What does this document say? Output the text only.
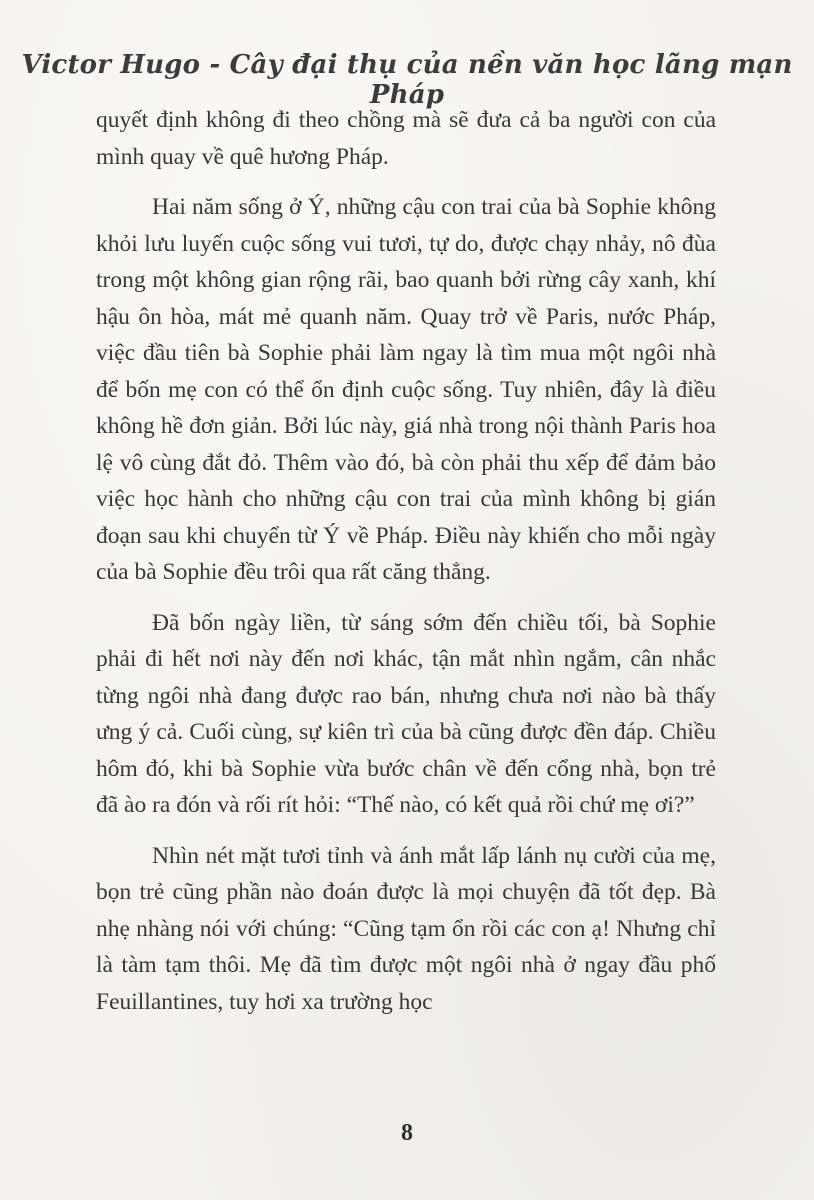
Victor Hugo - Cây đại thụ của nền văn học lãng mạn Pháp

quyết định không đi theo chồng mà sẽ đưa cả ba người con của mình quay về quê hương Pháp.

Hai năm sống ở Ý, những cậu con trai của bà Sophie không khỏi lưu luyến cuộc sống vui tươi, tự do, được chạy nhảy, nô đùa trong một không gian rộng rãi, bao quanh bởi rừng cây xanh, khí hậu ôn hòa, mát mẻ quanh năm. Quay trở về Paris, nước Pháp, việc đầu tiên bà Sophie phải làm ngay là tìm mua một ngôi nhà để bốn mẹ con có thể ổn định cuộc sống. Tuy nhiên, đây là điều không hề đơn giản. Bởi lúc này, giá nhà trong nội thành Paris hoa lệ vô cùng đắt đỏ. Thêm vào đó, bà còn phải thu xếp để đảm bảo việc học hành cho những cậu con trai của mình không bị gián đoạn sau khi chuyển từ Ý về Pháp. Điều này khiến cho mỗi ngày của bà Sophie đều trôi qua rất căng thẳng.

Đã bốn ngày liền, từ sáng sớm đến chiều tối, bà Sophie phải đi hết nơi này đến nơi khác, tận mắt nhìn ngắm, cân nhắc từng ngôi nhà đang được rao bán, nhưng chưa nơi nào bà thấy ưng ý cả. Cuối cùng, sự kiên trì của bà cũng được đền đáp. Chiều hôm đó, khi bà Sophie vừa bước chân về đến cổng nhà, bọn trẻ đã ào ra đón và rối rít hỏi: “Thế nào, có kết quả rồi chứ mẹ ơi?”

Nhìn nét mặt tươi tỉnh và ánh mắt lấp lánh nụ cười của mẹ, bọn trẻ cũng phần nào đoán được là mọi chuyện đã tốt đẹp. Bà nhẹ nhàng nói với chúng: “Cũng tạm ổn rồi các con ạ! Nhưng chỉ là tàm tạm thôi. Mẹ đã tìm được một ngôi nhà ở ngay đầu phố Feuillantines, tuy hơi xa trường học

8
